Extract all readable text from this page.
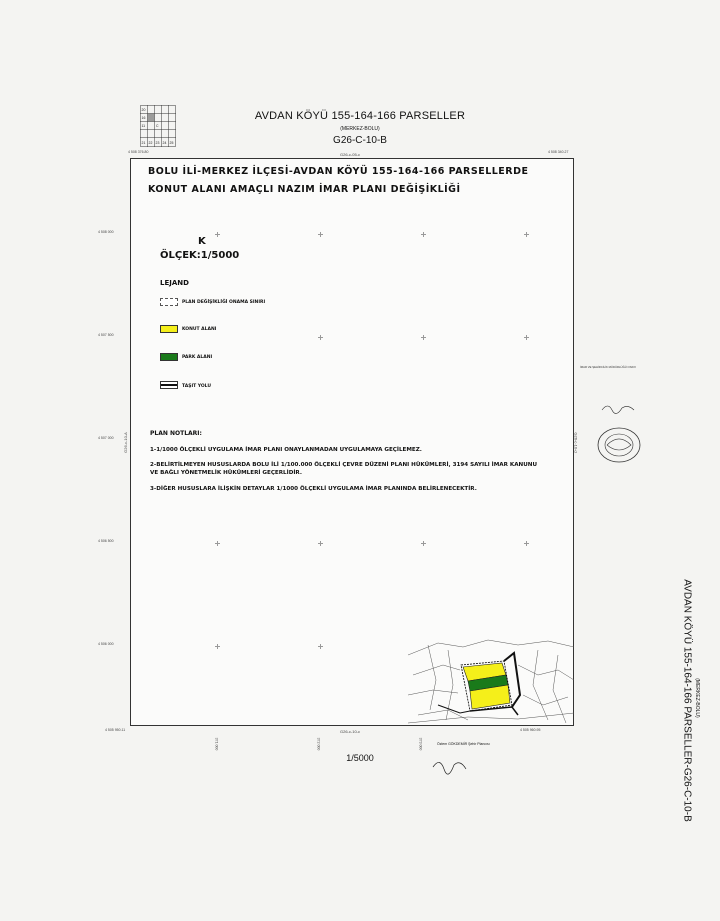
AVDAN KÖYÜ 155-164-166 PARSELLER
(MERKEZ-BOLU)
G26-C-10-B
20
16
11	C
21 22 23 24 25
G26-c-05-c
G26-c-10-c
4 508 376.80	4 508 340.27
4 505 950.11	4 505 960.95
4 508 000
4 507 500
4 507 000
4 506 500
4 506 000
371 000	372 000	373 000
G26-c-10-A	G26-c-10-d
BOLU İLİ-MERKEZ İLÇESİ-AVDAN KÖYÜ 155-164-166 PARSELLERDE
KONUT ALANI AMAÇLI NAZIM İMAR PLANI DEĞİŞİKLİĞİ
K
ÖLÇEK:1/5000
LEJAND
PLAN DEĞİŞİKLİĞİ ONAMA SINIRI
KONUT ALANI
PARK ALANI
TAŞIT YOLU
PLAN NOTLARI:
1-1/1000 ÖLÇEKLİ UYGULAMA İMAR PLANI ONAYLANMADAN UYGULAMAYA GEÇİLEMEZ.
2-BELİRTİLMEYEN HUSUSLARDA BOLU İLİ 1/100.000 ÖLÇEKLİ ÇEVRE DÜZENİ PLANI HÜKÜMLERİ, 3194 SAYILI İMAR KANUNU VE BAĞLI YÖNETMELİK HÜKÜMLERİ GEÇERLİDİR.
3-DİĞER HUSUSLARA İLİŞKİN DETAYLAR 1/1000 ÖLÇEKLİ UYGULAMA İMAR PLANINDA BELİRLENECEKTİR.
İMAR VE ŞEHİRCİLİK MÜDÜRLÜĞÜ ONAYI
1/5000
Özlem GÖKDEMİR Şehir Plancısı	AVDAN KÖYÜ 155-164-166 PARSELLER-G26-C-10-B (MERKEZ-BOLU)
